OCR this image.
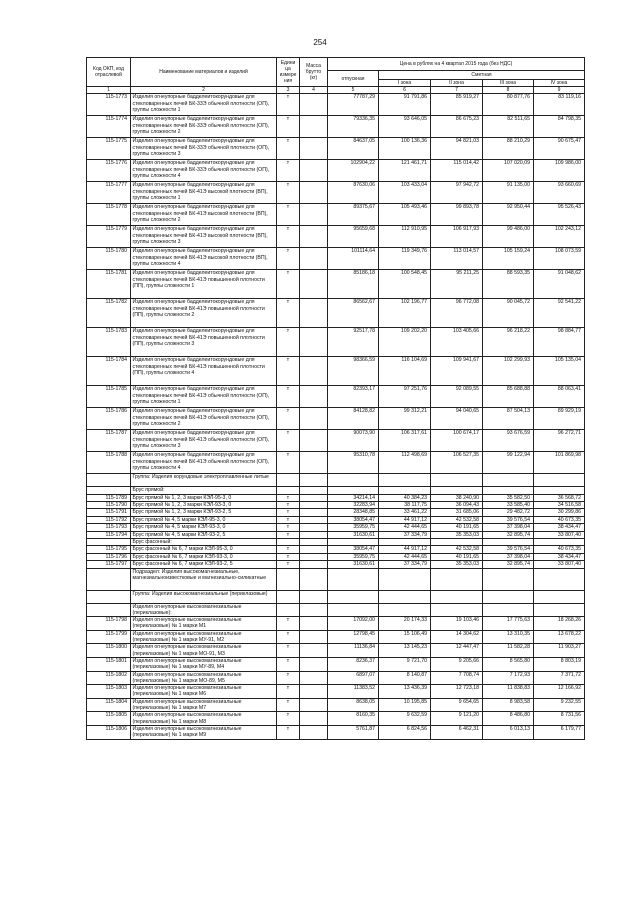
254
Код ОКП, код отраслевой	Наименование материалов и изделий	Едини ца измере ния	Масса брутто (кг)	Цена в рублях на 4 квартал 2015 года (без НДС)				
				отпускная	Сметная			
					I зона	II зона	III зона	IV зона
1	2	3	4	5	6	7	8	9
115-1773	Изделия огнеупорные бадделеитокорундовые для стекловаренных печей БК-33Э обычной плотности (ОП), группы сложности 1	т		77787,29	91 791,86	85 919,27	80 877,76	83 119,16
115-1774	Изделия огнеупорные бадделеитокорундовые для стекловаренных печей БК-33Э обычной плотности (ОП), группы сложности 2	т		79336,35	93 646,05	86 675,23	82 511,65	84 798,35
115-1775	Изделия огнеупорные бадделеитокорундовые для стекловаренных печей БК-33Э обычной плотности (ОП), группы сложности 3	т		84637,05	100 136,36	94 821,03	88 210,29	90 675,47
115-1776	Изделия огнеупорные бадделеитокорундовые для стекловаренных печей БК-33Э обычной плотности (ОП), группы сложности 4	т		102904,22	121 461,71	115 014,42	107 020,09	109 986,00
115-1777	Изделия огнеупорные бадделеитокорундовые для стекловаренных печей БК-41Э высокой плотности (ВП), группы сложности 1	т		87630,06	103 433,04	97 942,72	91 135,00	93 660,69
115-1778	Изделия огнеупорные бадделеитокорундовые для стекловаренных печей БК-41Э высокой плотности (ВП), группы сложности 2	т		89375,67	105 493,46	99 893,78	92 950,44	95 526,43
115-1779	Изделия огнеупорные бадделеитокорундовые для стекловаренных печей БК-41Э высокой плотности (ВП), группы сложности 3	т		95659,68	112 910,95	106 917,93	99 486,00	102 243,12
115-1780	Изделия огнеупорные бадделеитокорундовые для стекловаренных печей БК-41Э высокой плотности (ВП), группы сложности 4	т		101114,64	119 349,76	113 014,57	105 159,24	108 073,59
115-1781	Изделия огнеупорные бадделеитокорундовые для стекловаренных печей БК-41Э повышенной плотности (ПП), группы сложности 1	т		85186,18	100 548,45	95 211,25	88 593,35	91 048,62
115-1782	Изделия огнеупорные бадделеитокорундовые для стекловаренных печей БК-41Э повышенной плотности (ПП), группы сложности 2	т		86562,67	102 196,77	96 772,08	90 045,72	92 541,22
115-1783	Изделия огнеупорные бадделеитокорундовые для стекловаренных печей БК-41Э повышенной плотности (ПП), группы сложности 3	т		92517,78	109 202,20	103 405,66	96 218,22	98 884,77
115-1784	Изделия огнеупорные бадделеитокорундовые для стекловаренных печей БК-41Э повышенной плотности (ПП), группы сложности 4	т		98366,59	116 104,69	109 941,67	102 299,93	105 135,04
115-1785	Изделия огнеупорные бадделеитокорундовые для стекловаренных печей БК-41Э обычной плотности (ОП), группы сложности 1	т		82393,17	97 251,76	92 089,55	85 688,88	88 063,41
115-1786	Изделия огнеупорные бадделеитокорундовые для стекловаренных печей БК-41Э обычной плотности (ОП), группы сложности 2	т		84128,82	99 312,21	94 040,65	87 504,13	89 929,19
115-1787	Изделия огнеупорные бадделеитокорундовые для стекловаренных печей БК-41Э обычной плотности (ОП), группы сложности 3	т		90073,90	106 317,61	100 674,17	93 676,59	96 272,71
115-1788	Изделия огнеупорные бадделеитокорундовые для стекловаренных печей БК-41Э обычной плотности (ОП), группы сложности 4	т		95310,78	112 498,69	106 527,35	99 122,94	101 869,98
	Группа: Изделия корундовые электроплавленные литые							
	Брус прямой:							
115-1789	Брус прямой № 1, 2, 3 марки КЭЛ-95-3, 0	т		34214,14	40 384,23	38 240,90	35 582,50	36 568,72
115-1790	Брус прямой № 1, 2, 3 марки КЭЛ-93-3, 0	т		32283,94	38 117,75	36 094,43	33 585,40	34 516,58
115-1791	Брус прямой № 1, 2, 3 марки КЭЛ-93-2, 5	т		28348,85	33 461,22	31 685,06	29 482,72	30 299,86
115-1792	Брус прямой № 4, 5 марки КЭЛ-95-3, 0	т		38054,47	44 917,12	42 532,58	39 576,54	40 673,35
115-1793	Брус прямой № 4, 5 марки КЭЛ-93-3, 0	т		35959,75	42 444,65	40 191,65	37 398,04	38 434,47
115-1794	Брус прямой № 4, 5 марки КЭЛ-93-2, 5	т		31630,61	37 334,79	35 353,03	32 895,74	33 807,40
	Брус фасонный:							
115-1795	Брус фасонный № 6, 7 марки КЭЛ-95-3, 0	т		38054,47	44 917,12	42 532,58	39 576,54	40 673,35
115-1796	Брус фасонный № 6, 7 марки КЭЛ-93-3, 0	т		35959,75	42 444,65	40 191,65	37 398,04	38 434,47
115-1797	Брус фасонный № 6, 7 марки КЭЛ-93-2, 5	т		31630,61	37 334,79	35 353,03	32 895,74	33 807,40
	Подраздел: Изделия высокомагнезиальные, магнезиальноизвестковые и магнезиально-силикатные							
	Группа: Изделия высокомагнезиальные (периклазовые)							
	Изделия огнеупорные высокомагнезиальные (периклазовые):							
115-1798	Изделия огнеупорные высокомагнезиальные (периклазовые) № 1 марки М1	т		17092,00	20 174,33	19 103,46	17 775,63	18 268,26
115-1799	Изделия огнеупорные высокомагнезиальные (периклазовые) № 1 марки МУ-91, М2	т		12798,45	15 106,49	14 304,62	13 310,35	13 678,22
115-1800	Изделия огнеупорные высокомагнезиальные (периклазовые) № 1 марки МО-91, М3	т		11136,84	13 145,23	12 447,47	11 582,28	11 903,27
115-1801	Изделия огнеупорные высокомагнезиальные (периклазовые) № 1 марки МУ-89, М4	т		8236,37	9 721,70	9 205,66	8 565,80	8 803,19
115-1802	Изделия огнеупорные высокомагнезиальные (периклазовые) № 1 марки МО-89, М5	т		6897,07	8 140,87	7 708,74	7 172,93	7 371,72
115-1803	Изделия огнеупорные высокомагнезиальные (периклазовые) № 1 марки М6	т		11383,52	13 436,39	12 723,18	11 838,83	12 166,92
115-1804	Изделия огнеупорные высокомагнезиальные (периклазовые) № 1 марки М7	т		8638,05	10 195,85	9 654,65	8 983,58	9 232,55
115-1805	Изделия огнеупорные высокомагнезиальные (периклазовые) № 1 марки М8	т		8160,35	9 632,59	9 121,20	8 486,80	8 731,56
115-1806	Изделия огнеупорные высокомагнезиальные (периклазовые) № 1 марки М9	т		5761,87	6 824,56	6 462,31	6 013,13	6 179,77
